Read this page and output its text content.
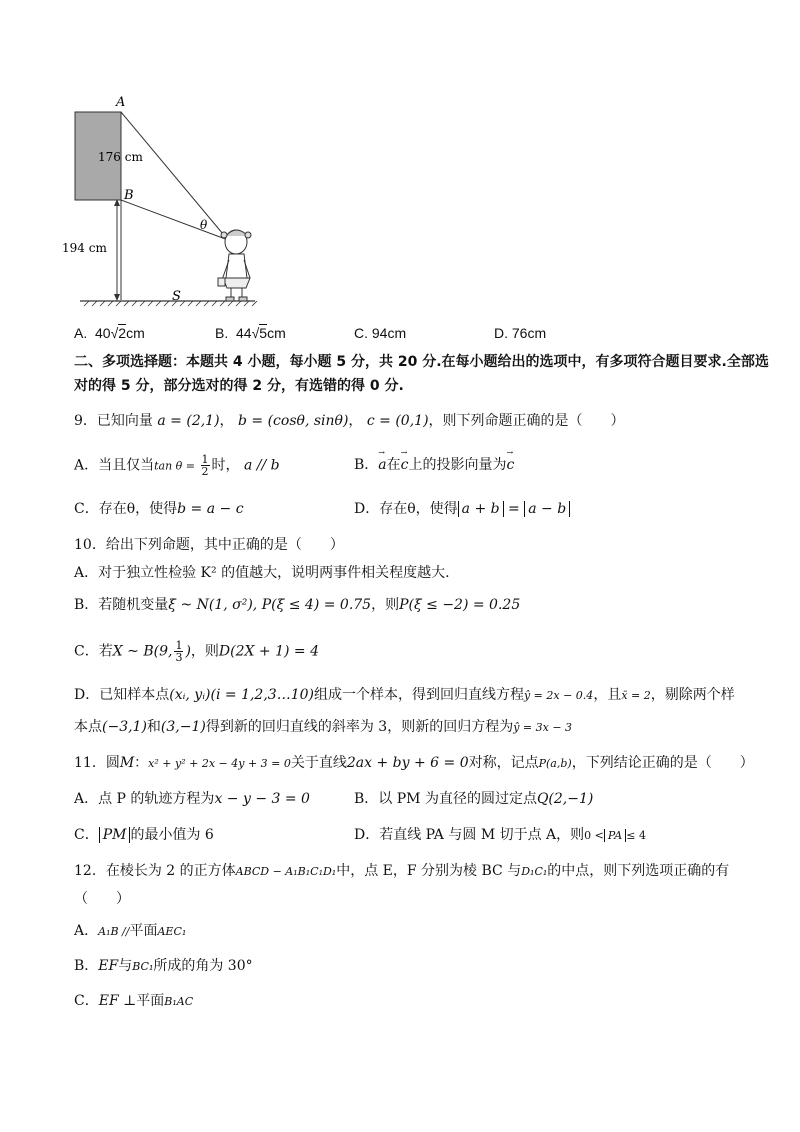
A
B
θ
S
176 cm
194 cm
A. 40√2cm	B. 44√5cm	C. 94cm	D. 76cm
二、多项选择题：本题共 4 小题，每小题 5 分，共 20 分.在每小题给出的选项中，有多项符合题目要求.全部选对的得 5 分，部分选对的得 2 分，有选错的得 0 分.
9．已知向量 a = (2,1)， b = (cosθ, sinθ)， c = (0,1)，则下列命题正确的是（　　）
A．当且仅当$\tan \theta = \frac{1}{2}$ 时， a // b	B．→ a在→ c上的投影向量为→ c
C．存在θ，使得b = a − c	D．存在θ，使得 a + b = a − b
10．给出下列命题，其中正确的是（　　）
A．对于独立性检验 K² 的值越大，说明两事件相关程度越大.
B．若随机变量ξ ~ N(1, σ²), P(ξ ≤ 4) = 0.75，则P(ξ ≤ −2) = 0.25
C．若X ~ B(9, $\frac{1}{3}$ )，则D(2X + 1) = 4
D．已知样本点(xᵢ, yᵢ)(i = 1,2,3…10)组成一个样本，得到回归直线方程ŷ = 2x − 0.4，且x̄ = 2，剔除两个样
本点(−3,1)和(3,−1)得到新的回归直线的斜率为 3，则新的回归方程为ŷ = 3x − 3
11．圆M：x² + y² + 2x − 4y + 3 = 0关于直线2ax + by + 6 = 0对称，记点P(a,b)，下列结论正确的是（　　）
A．点 P 的轨迹方程为x − y − 3 = 0	B．以 PM 为直径的圆过定点Q(2,−1)
C． PM 的最小值为 6	D．若直线 PA 与圆 M 切于点 A，则0 < PA ≤ 4
12．在棱长为 2 的正方体ABCD − A₁B₁C₁D₁中，点 E，F 分别为棱 BC 与D₁C₁的中点，则下列选项正确的有
（　　）
A．A₁B //平面AEC₁
B．EF与BC₁所成的角为 30°
C．EF ⊥平面B₁AC
